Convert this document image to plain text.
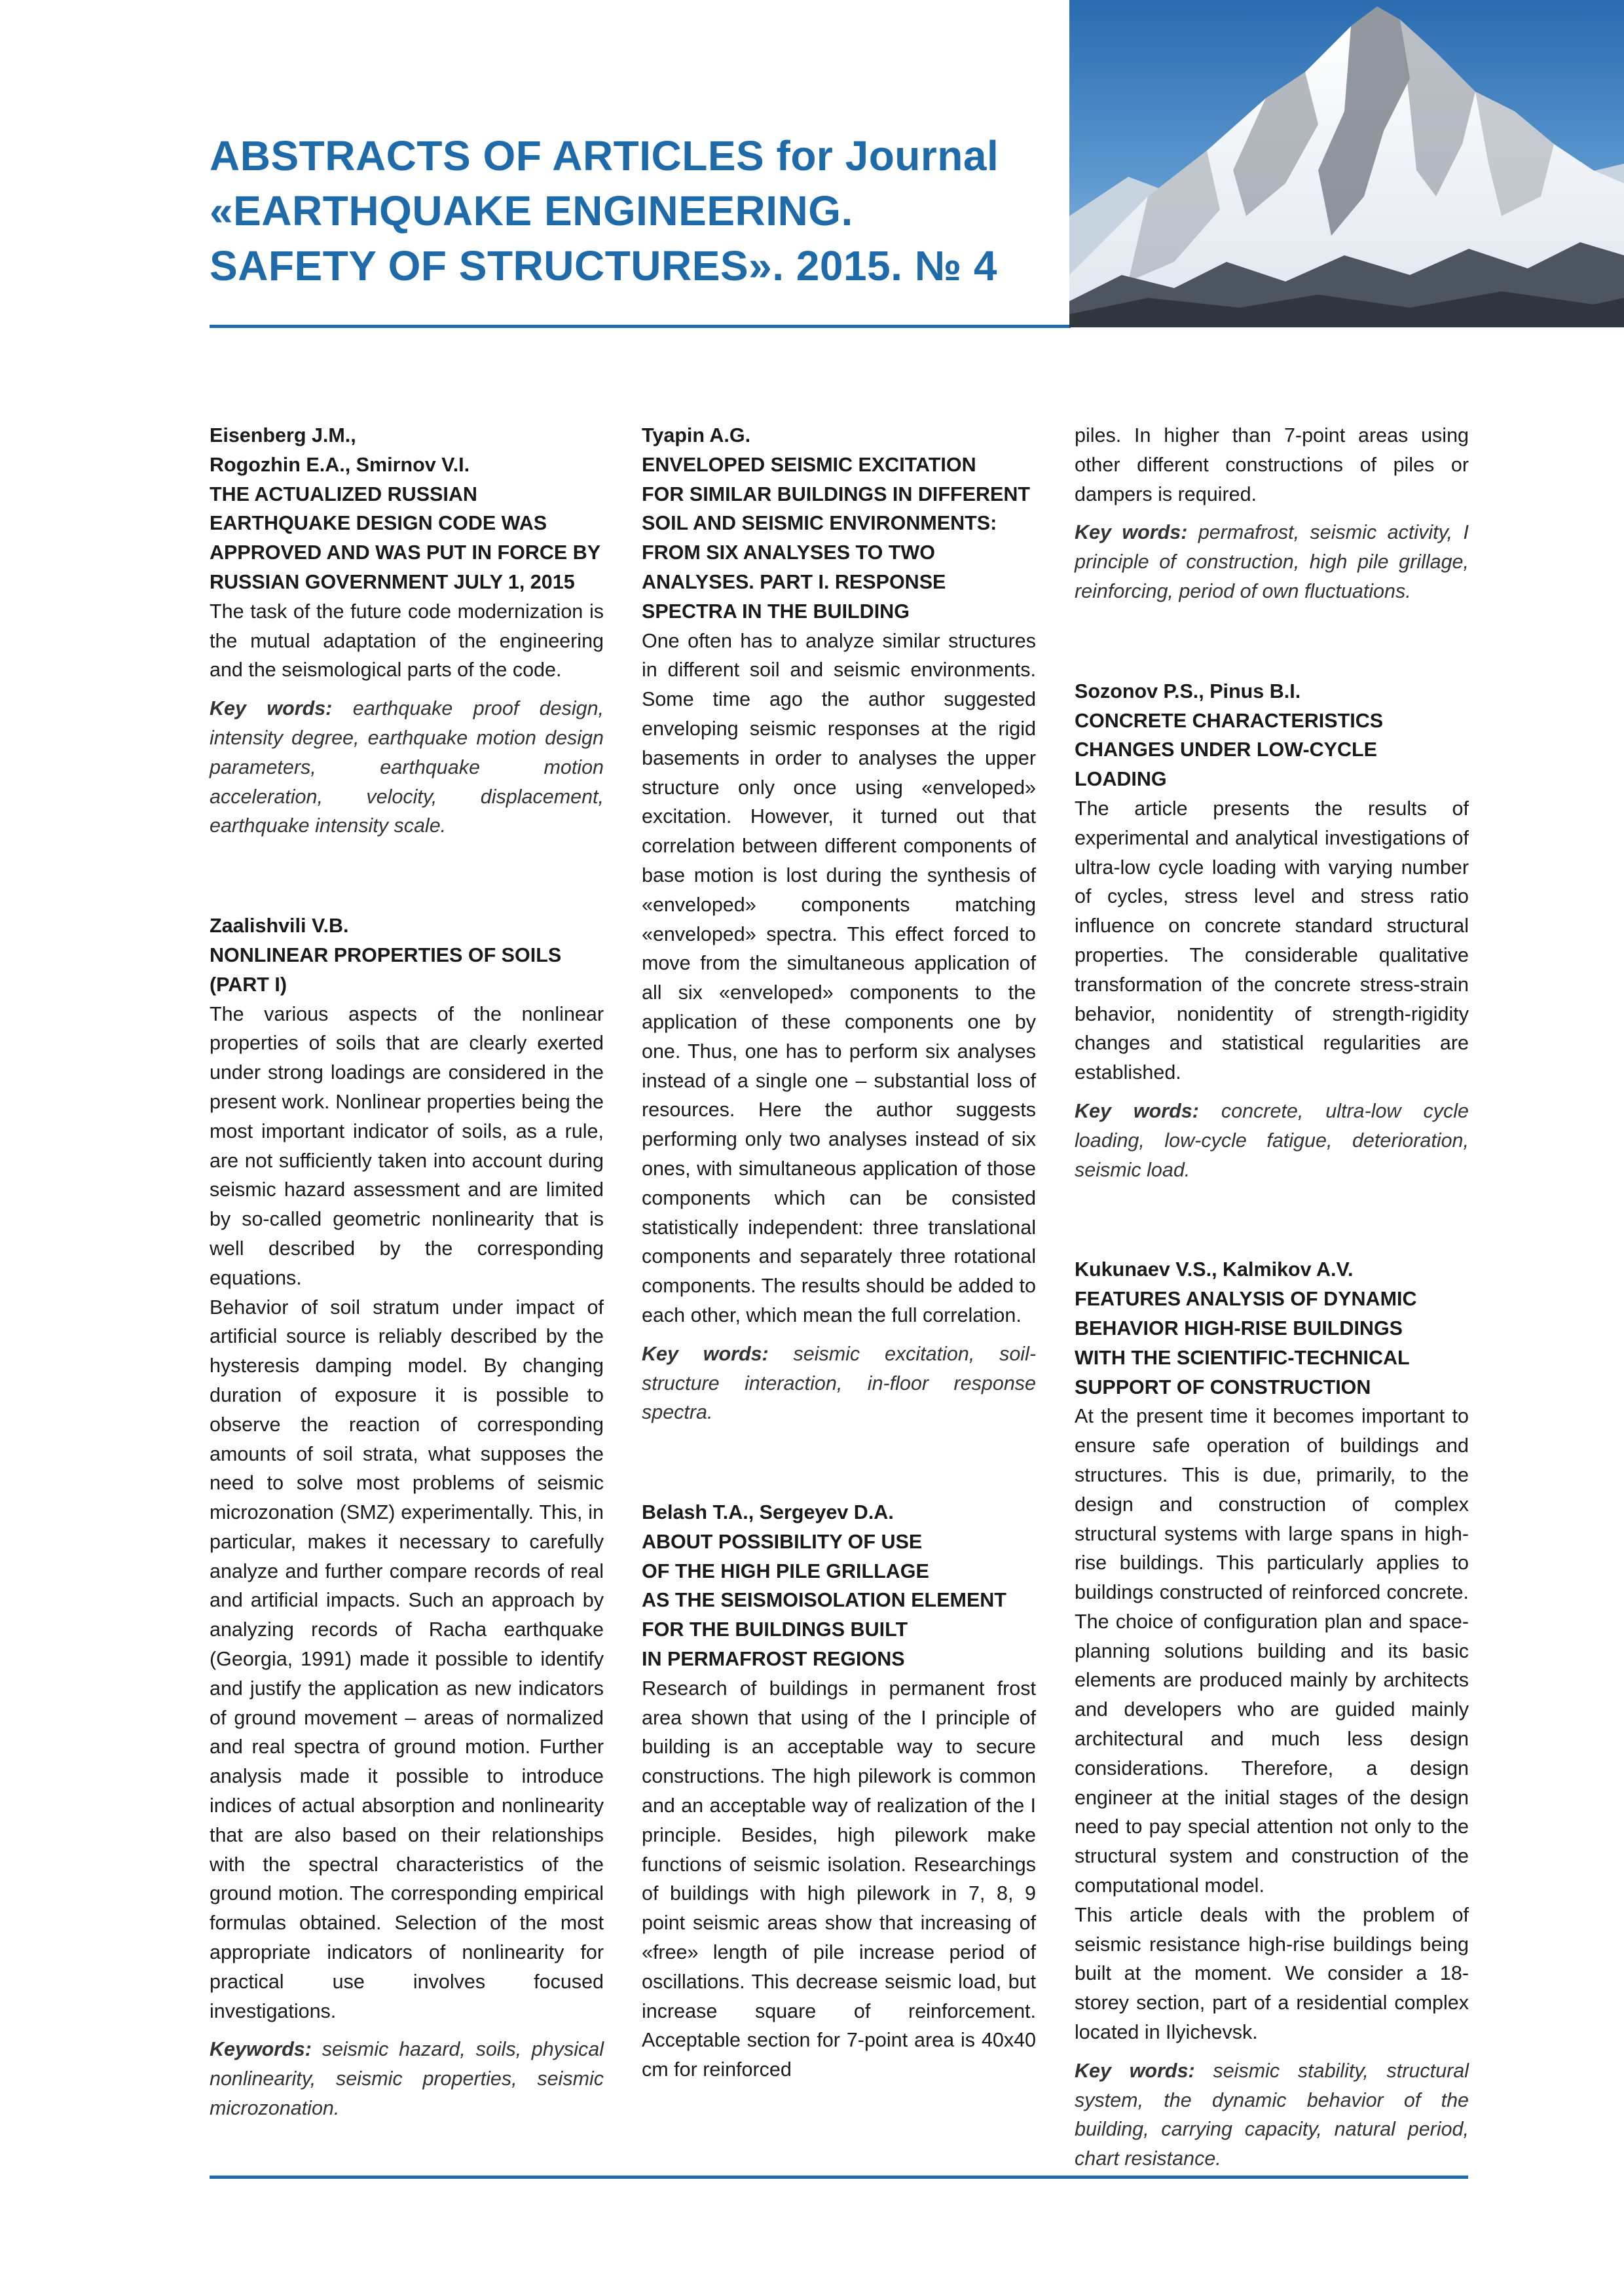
ABSTRACTS OF ARTICLES for Journal
«EARTHQUAKE ENGINEERING.
SAFETY OF STRUCTURES». 2015. № 4
Eisenberg J.M.,
Rogozhin E.A., Smirnov V.I.
THE ACTUALIZED RUSSIAN
EARTHQUAKE DESIGN CODE WAS
APPROVED AND WAS PUT IN FORCE BY
RUSSIAN GOVERNMENT JULY 1, 2015

The task of the future code modernization is the mutual adaptation of the engineering and the seismological parts of the code.

Key words: earthquake proof design, intensity degree, earthquake motion design parameters, earthquake motion acceleration, velocity, displacement, earthquake intensity scale.
Zaalishvili V.B.
NONLINEAR PROPERTIES OF SOILS
(PART I)

The various aspects of the nonlinear properties of soils that are clearly exerted under strong loadings are considered in the present work. Nonlinear properties being the most important indicator of soils, as a rule, are not sufficiently taken into account during seismic hazard assessment and are limited by so-called geometric nonlinearity that is well described by the corresponding equations.

Behavior of soil stratum under impact of artificial source is reliably described by the hysteresis damping model. By changing duration of exposure it is possible to observe the reaction of corresponding amounts of soil strata, what supposes the need to solve most problems of seismic microzonation (SMZ) experimentally. This, in particular, makes it necessary to carefully analyze and further compare records of real and artificial impacts. Such an approach by analyzing records of Racha earthquake (Georgia, 1991) made it possible to identify and justify the application as new indicators of ground movement – areas of normalized and real spectra of ground motion. Further analysis made it possible to introduce indices of actual absorption and nonlinearity that are also based on their relationships with the spectral characteristics of the ground motion. The corresponding empirical formulas obtained. Selection of the most appropriate indicators of nonlinearity for practical use involves focused investigations.

Keywords: seismic hazard, soils, physical nonlinearity, seismic properties, seismic microzonation.
Tyapin A.G.
ENVELOPED SEISMIC EXCITATION
FOR SIMILAR BUILDINGS IN DIFFERENT
SOIL AND SEISMIC ENVIRONMENTS:
FROM SIX ANALYSES TO TWO
ANALYSES. PART I. RESPONSE
SPECTRA IN THE BUILDING

One often has to analyze similar structures in different soil and seismic environments. Some time ago the author suggested enveloping seismic responses at the rigid basements in order to analyses the upper structure only once using «enveloped» excitation. However, it turned out that correlation between different components of base motion is lost during the synthesis of «enveloped» components matching «enveloped» spectra. This effect forced to move from the simultaneous application of all six «enveloped» components to the application of these components one by one. Thus, one has to perform six analyses instead of a single one – substantial loss of resources. Here the author suggests performing only two analyses instead of six ones, with simultaneous application of those components which can be consisted statistically independent: three translational components and separately three rotational components. The results should be added to each other, which mean the full correlation.

Key words: seismic excitation, soil-structure interaction, in-floor response spectra.
Belash T.A., Sergeyev D.A.
ABOUT POSSIBILITY OF USE
OF THE HIGH PILE GRILLAGE
AS THE SEISMOISOLATION ELEMENT
FOR THE BUILDINGS BUILT
IN PERMAFROST REGIONS

Research of buildings in permanent frost area shown that using of the I principle of building is an acceptable way to secure constructions. The high pilework is common and an acceptable way of realization of the I principle. Besides, high pilework make functions of seismic isolation. Researchings of buildings with high pilework in 7, 8, 9 point seismic areas show that increasing of «free» length of pile increase period of oscillations. This decrease seismic load, but increase square of reinforcement. Acceptable section for 7-point area is 40x40 cm for reinforced

piles. In higher than 7-point areas using other different constructions of piles or dampers is required.

Key words: permafrost, seismic activity, I principle of construction, high pile grillage, reinforcing, period of own fluctuations.
Sozonov P.S., Pinus B.I.
CONCRETE CHARACTERISTICS
CHANGES UNDER LOW-CYCLE
LOADING

The article presents the results of experimental and analytical investigations of ultra-low cycle loading with varying number of cycles, stress level and stress ratio influence on concrete standard structural properties. The considerable qualitative transformation of the concrete stress-strain behavior, nonidentity of strength-rigidity changes and statistical regularities are established.

Key words: concrete, ultra-low cycle loading, low-cycle fatigue, deterioration, seismic load.
Kukunaev V.S., Kalmikov A.V.
FEATURES ANALYSIS OF DYNAMIC
BEHAVIOR HIGH-RISE BUILDINGS
WITH THE SCIENTIFIC-TECHNICAL
SUPPORT OF CONSTRUCTION

At the present time it becomes important to ensure safe operation of buildings and structures. This is due, primarily, to the design and construction of complex structural systems with large spans in high-rise buildings. This particularly applies to buildings constructed of reinforced concrete. The choice of configuration plan and space-planning solutions building and its basic elements are produced mainly by architects and developers who are guided mainly architectural and much less design considerations. Therefore, a design engineer at the initial stages of the design need to pay special attention not only to the structural system and construction of the computational model.

This article deals with the problem of seismic resistance high-rise buildings being built at the moment. We consider a 18-storey section, part of a residential complex located in Ilyichevsk.

Key words: seismic stability, structural system, the dynamic behavior of the building, carrying capacity, natural period, chart resistance.
